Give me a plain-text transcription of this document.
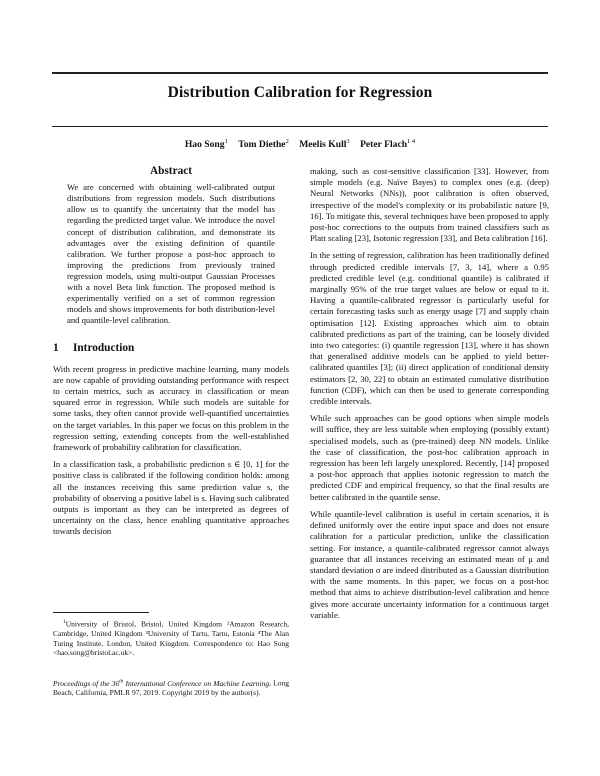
Distribution Calibration for Regression
Hao Song$^1$ Tom Diethe$^2$ Meelis Kull$^3$ Peter Flach$^{1 4}$
Abstract

We are concerned with obtaining well-calibrated output distributions from regression models. Such distributions allow us to quantify the uncertainty that the model has regarding the predicted target value. We introduce the novel concept of distribution calibration, and demonstrate its advantages over the existing definition of quantile calibration. We further propose a post-hoc approach to improving the predictions from previously trained regression models, using multi-output Gaussian Processes with a novel Beta link function. The proposed method is experimentally verified on a set of common regression models and shows improvements for both distribution-level and quantile-level calibration.

1 Introduction

With recent progress in predictive machine learning, many models are now capable of providing outstanding performance with respect to certain metrics, such as accuracy in classification or mean squared error in regression. While such models are suitable for some tasks, they often cannot provide well-quantified uncertainties on the target variables. In this paper we focus on this problem in the regression setting, extending concepts from the well-established framework of probability calibration for classification.

In a classification task, a probabilistic prediction s ∈ [0, 1] for the positive class is calibrated if the following condition holds: among all the instances receiving this same prediction value s, the probability of observing a positive label is s. Having such calibrated outputs is important as they can be interpreted as degrees of uncertainty on the class, hence enabling quantitative approaches towards decision

$^1$University of Bristol, Bristol, United Kingdom ²Amazon Research, Cambridge, United Kingdom ³University of Tartu, Tartu, Estonia ⁴The Alan Turing Institute, London, United Kingdom. Correspondence to: Hao Song <hao.song@bristol.ac.uk>.
Proceedings of the 36th International Conference on Machine Learning, Long Beach, California, PMLR 97, 2019. Copyright 2019 by the author(s).

making, such as cost-sensitive classification [33]. However, from simple models (e.g. Naïve Bayes) to complex ones (e.g. (deep) Neural Networks (NNs)), poor calibration is often observed, irrespective of the model's complexity or its probabilistic nature [9, 16]. To mitigate this, several techniques have been proposed to apply post-hoc corrections to the outputs from trained classifiers such as Platt scaling [23], Isotonic regression [33], and Beta calibration [16].

In the setting of regression, calibration has been traditionally defined through predicted credible intervals [7, 3, 14], where a 0.95 predicted credible level (e.g. conditional quantile) is calibrated if marginally 95% of the true target values are below or equal to it. Having a quantile-calibrated regressor is particularly useful for certain forecasting tasks such as energy usage [7] and supply chain optimisation [12]. Existing approaches which aim to obtain calibrated predictions as part of the training, can be loosely divided into two categories: (i) quantile regression [13], where it has shown that generalised additive models can be applied to yield better-calibrated quantiles [3]; (ii) direct application of conditional density estimators [2, 30, 22] to obtain an estimated cumulative distribution function (CDF), which can then be used to generate corresponding credible intervals.

While such approaches can be good options when simple models will suffice, they are less suitable when employing (possibly extant) specialised models, such as (pre-trained) deep NN models. Unlike the case of classification, the post-hoc calibration approach in regression has been left largely unexplored. Recently, [14] proposed a post-hoc approach that applies isotonic regression to match the predicted CDF and empirical frequency, so that the final results are better calibrated in the quantile sense.

While quantile-level calibration is useful in certain scenarios, it is defined uniformly over the entire input space and does not ensure calibration for a particular prediction, unlike the classification setting. For instance, a quantile-calibrated regressor cannot always guarantee that all instances receiving an estimated mean of μ and standard deviation σ are indeed distributed as a Gaussian distribution with the same moments. In this paper, we focus on a post-hoc method that aims to achieve distribution-level calibration and hence gives more accurate uncertainty information for a continuous target variable.
